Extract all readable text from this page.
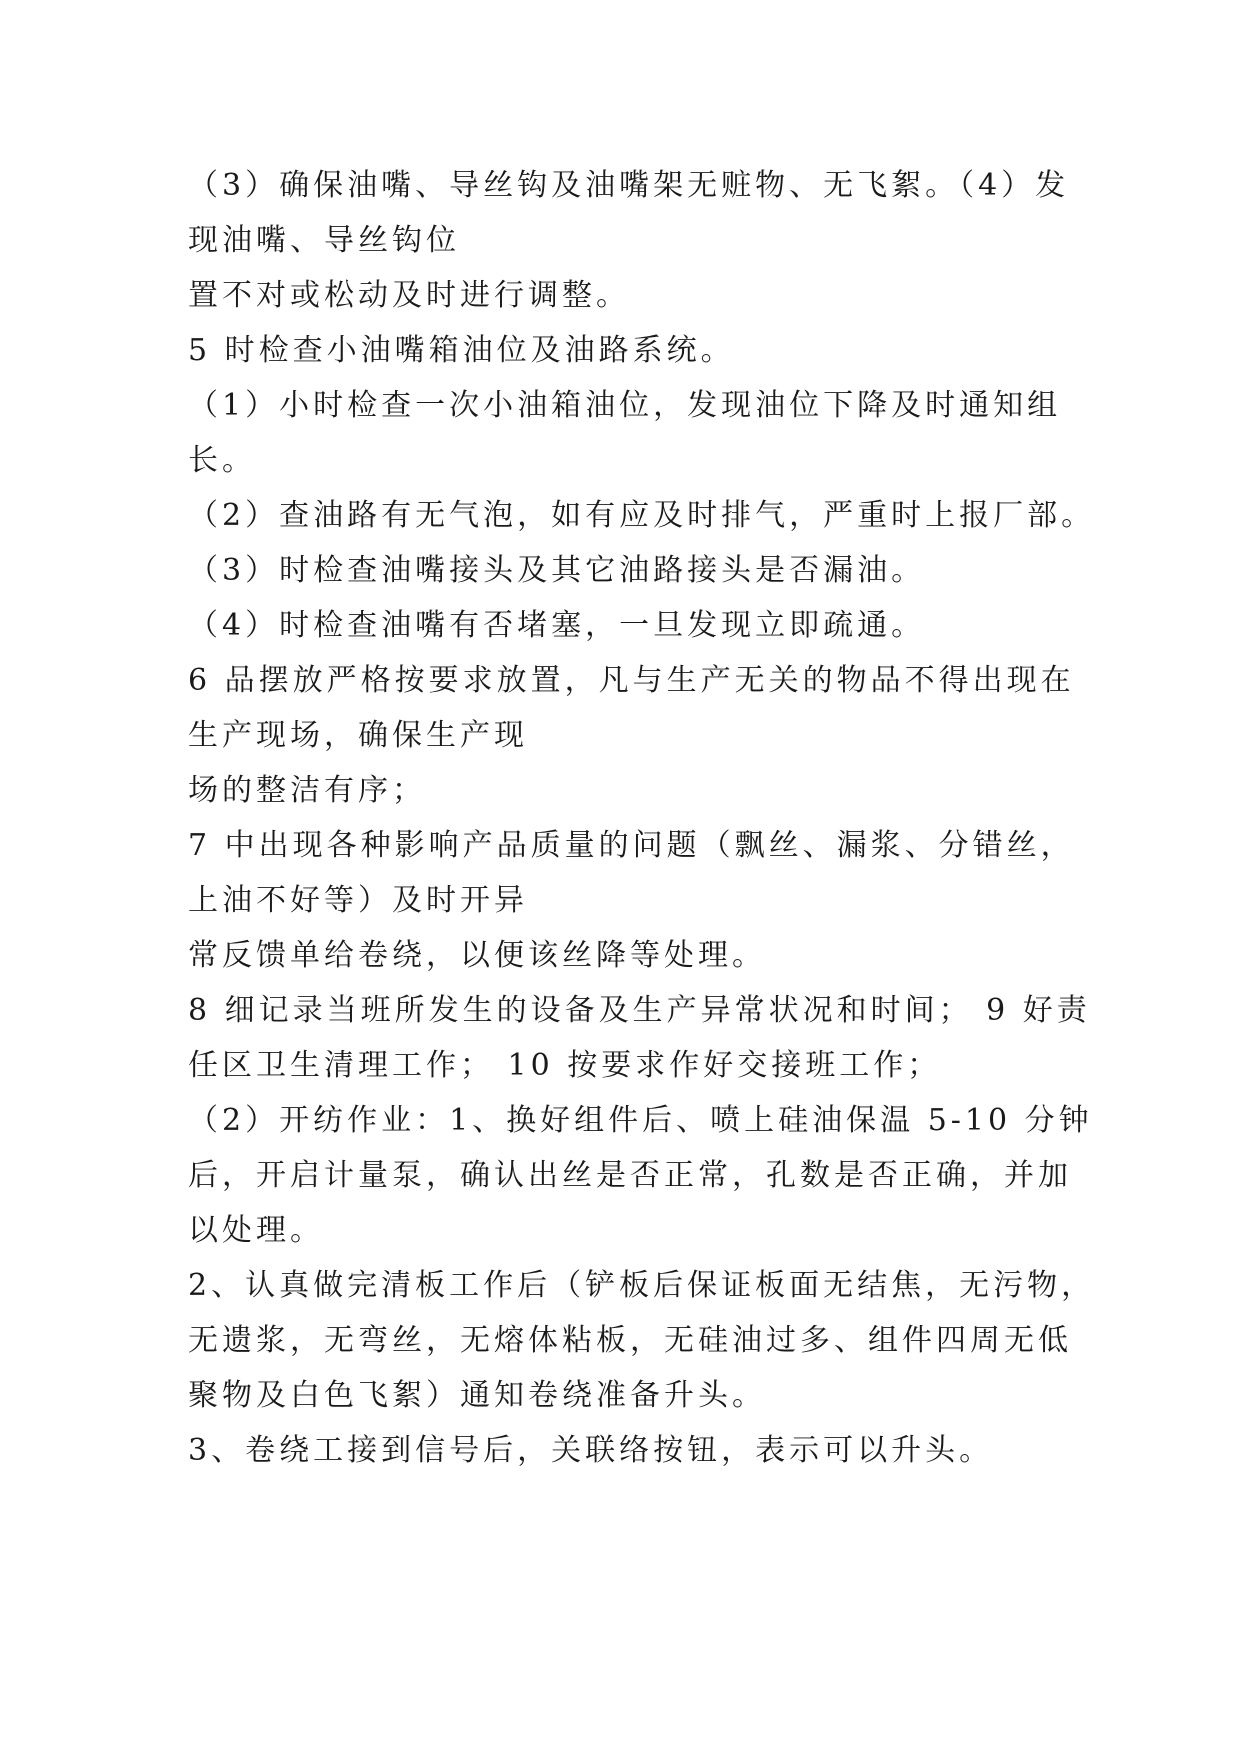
（3）确保油嘴、导丝钩及油嘴架无赃物、无飞絮。（4）发
现油嘴、导丝钩位
置不对或松动及时进行调整。
5 时检查小油嘴箱油位及油路系统。
（1）小时检查一次小油箱油位，发现油位下降及时通知组
长。
（2）查油路有无气泡，如有应及时排气，严重时上报厂部。
（3）时检查油嘴接头及其它油路接头是否漏油。
（4）时检查油嘴有否堵塞，一旦发现立即疏通。
6 品摆放严格按要求放置，凡与生产无关的物品不得出现在
生产现场，确保生产现
场的整洁有序；
7 中出现各种影响产品质量的问题（飘丝、漏浆、分错丝，
上油不好等）及时开异
常反馈单给卷绕，以便该丝降等处理。
8 细记录当班所发生的设备及生产异常状况和时间； 9 好责
任区卫生清理工作； 10 按要求作好交接班工作；
（2）开纺作业：1、换好组件后、喷上硅油保温 5-10 分钟
后，开启计量泵，确认出丝是否正常，孔数是否正确，并加
以处理。
2、认真做完清板工作后（铲板后保证板面无结焦，无污物，
无遗浆，无弯丝，无熔体粘板，无硅油过多、组件四周无低
聚物及白色飞絮）通知卷绕准备升头。
3、卷绕工接到信号后，关联络按钮，表示可以升头。
